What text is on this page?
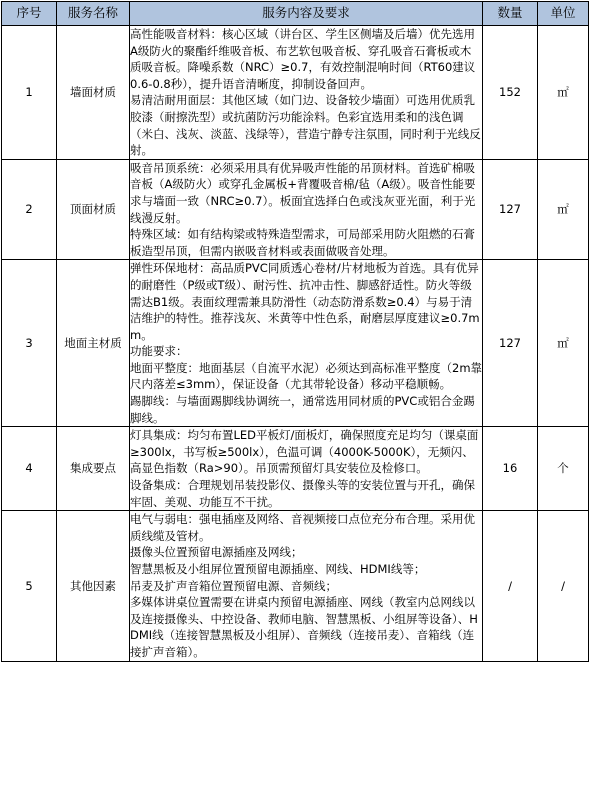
序号	服务名称	服务内容及要求	数量	单位
1	墙面材质	高性能吸音材料：核心区域（讲台区、学生区侧墙及后墙）优先选用A级防火的聚酯纤维吸音板、布艺软包吸音板、穿孔吸音石膏板或木质吸音板。降噪系数（NRC）≥0.7，有效控制混响时间（RT60建议0.6-0.8秒），提升语音清晰度，抑制设备回声。
易清洁耐用面层：其他区域（如门边、设备较少墙面）可选用优质乳胶漆（耐擦洗型）或抗菌防污功能涂料。色彩宜选用柔和的浅色调（米白、浅灰、淡蓝、浅绿等），营造宁静专注氛围，同时利于光线反射。	152	㎡
2	顶面材质	吸音吊顶系统：必须采用具有优异吸声性能的吊顶材料。首选矿棉吸音板（A级防火）或穿孔金属板+背覆吸音棉/毡（A级）。吸音性能要求与墙面一致（NRC≥0.7）。板面宜选择白色或浅灰亚光面，利于光线漫反射。
特殊区域：如有结构梁或特殊造型需求，可局部采用防火阻燃的石膏板造型吊顶，但需内嵌吸音材料或表面做吸音处理。	127	㎡
3	地面主材质	弹性环保地材：高品质PVC同质透心卷材/片材地板为首选。具有优异的耐磨性（P级或T级）、耐污性、抗冲击性、脚感舒适性。防火等级需达B1级。表面纹理需兼具防滑性（动态防滑系数≥0.4）与易于清洁维护的特性。推荐浅灰、米黄等中性色系，耐磨层厚度建议≥0.7mm。
功能要求：
地面平整度：地面基层（自流平水泥）必须达到高标准平整度（2m靠尺内落差≤3mm），保证设备（尤其带轮设备）移动平稳顺畅。
踢脚线：与墙面踢脚线协调统一，通常选用同材质的PVC或铝合金踢脚线。	127	㎡
4	集成要点	灯具集成：均匀布置LED平板灯/面板灯，确保照度充足均匀（课桌面≥300lx，书写板≥500lx），色温可调（4000K-5000K），无频闪、高显色指数（Ra>90）。吊顶需预留灯具安装位及检修口。
设备集成：合理规划吊装投影仪、摄像头等的安装位置与开孔，确保牢固、美观、功能互不干扰。	16	个
5	其他因素	电气与弱电：强电插座及网络、音视频接口点位充分布合理。采用优质线缆及管材。
摄像头位置预留电源插座及网线；
智慧黑板及小组屏位置预留电源插座、网线、HDMI线等；
吊麦及扩声音箱位置预留电源、音频线；
多媒体讲桌位置需要在讲桌内预留电源插座、网线（教室内总网线以及连接摄像头、中控设备、教师电脑、智慧黑板、小组屏等设备）、HDMI线（连接智慧黑板及小组屏）、音频线（连接吊麦）、音箱线（连接扩声音箱）。	/	/
